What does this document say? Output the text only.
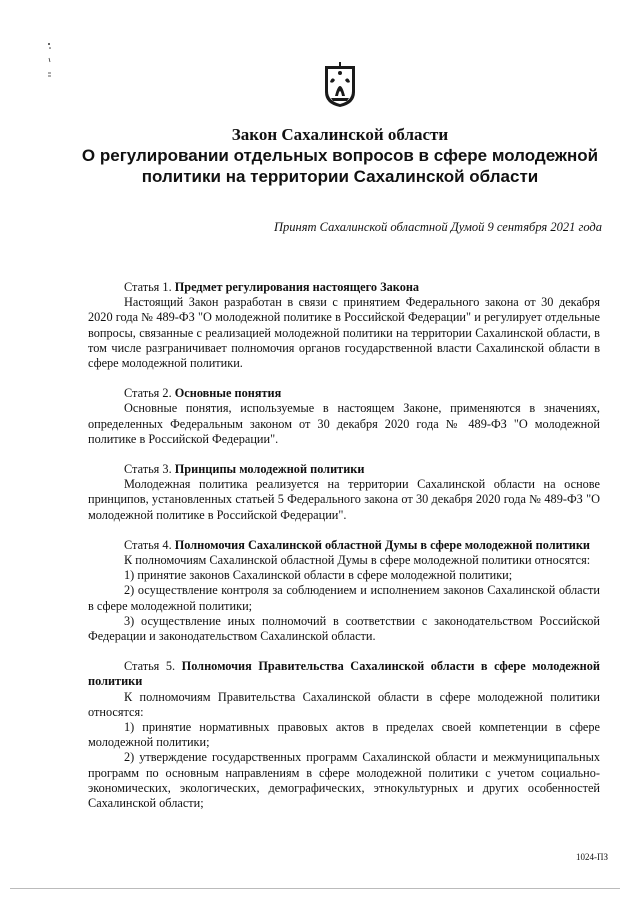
Закон Сахалинской области
О регулировании отдельных вопросов в сфере молодежной политики на территории Сахалинской области
Принят Сахалинской областной Думой 9 сентября 2021 года

Статья 1. Предмет регулирования настоящего Закона

Настоящий Закон разработан в связи с принятием Федерального закона от 30 декабря 2020 года № 489-ФЗ "О молодежной политике в Российской Федерации" и регулирует отдельные вопросы, связанные с реализацией молодежной политики на территории Сахалинской области, в том числе разграничивает полномочия органов государственной власти Сахалинской области в сфере молодежной политики.

Статья 2. Основные понятия

Основные понятия, используемые в настоящем Законе, применяются в значениях, определенных Федеральным законом от 30 декабря 2020 года № 489-ФЗ "О молодежной политике в Российской Федерации".

Статья 3. Принципы молодежной политики

Молодежная политика реализуется на территории Сахалинской области на основе принципов, установленных статьей 5 Федерального закона от 30 декабря 2020 года № 489-ФЗ "О молодежной политике в Российской Федерации".

Статья 4. Полномочия Сахалинской областной Думы в сфере молодежной политики

К полномочиям Сахалинской областной Думы в сфере молодежной политики относятся:

1) принятие законов Сахалинской области в сфере молодежной политики;

2) осуществление контроля за соблюдением и исполнением законов Сахалинской области в сфере молодежной политики;

3) осуществление иных полномочий в соответствии с законодательством Российской Федерации и законодательством Сахалинской области.

Статья 5. Полномочия Правительства Сахалинской области в сфере молодежной политики

К полномочиям Правительства Сахалинской области в сфере молодежной политики относятся:

1) принятие нормативных правовых актов в пределах своей компетенции в сфере молодежной политики;

2) утверждение государственных программ Сахалинской области и межмуниципальных программ по основным направлениям в сфере молодежной политики с учетом социально-экономических, экологических, демографических, этнокультурных и других особенностей Сахалинской области;

1024-ПЗ
